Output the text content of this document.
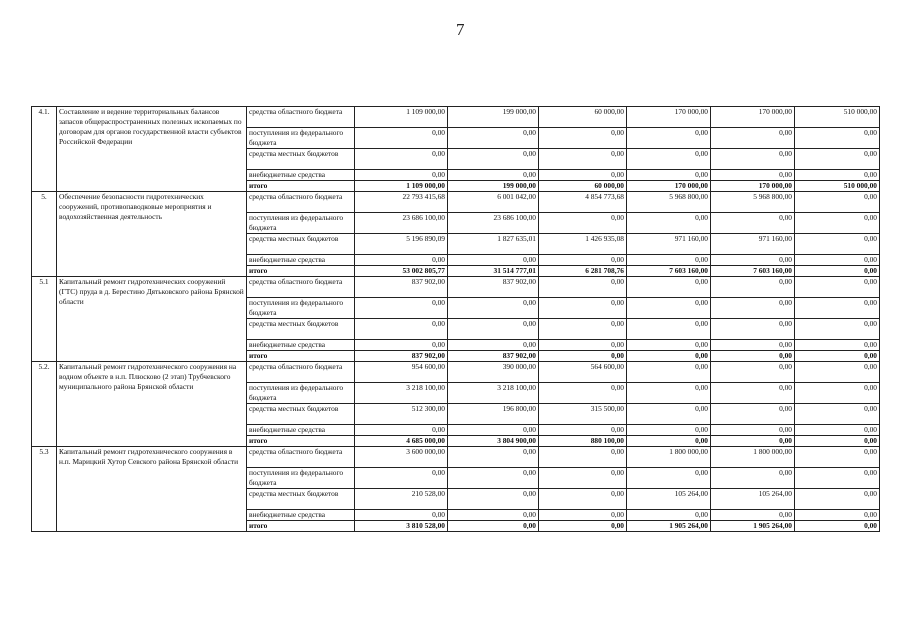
7
4.1.	Составление и ведение территориальных балансов запасов общераспространенных полезных ископаемых по договорам для органов государственной власти субъектов Российской Федерации	средства областного бюджета	1 109 000,00	199 000,00	60 000,00	170 000,00	170 000,00	510 000,00
		поступления из федерального бюджета	0,00	0,00	0,00	0,00	0,00	0,00
		средства местных бюджетов	0,00	0,00	0,00	0,00	0,00	0,00
		внебюджетные средства	0,00	0,00	0,00	0,00	0,00	0,00
		итого	1 109 000,00	199 000,00	60 000,00	170 000,00	170 000,00	510 000,00
5.	Обеспечение безопасности гидротехнических сооружений, противопаводковые мероприятия и водохозяйственная деятельность	средства областного бюджета	22 793 415,68	6 001 042,00	4 854 773,68	5 968 800,00	5 968 800,00	0,00
		поступления из федерального бюджета	23 686 100,00	23 686 100,00	0,00	0,00	0,00	0,00
		средства местных бюджетов	5 196 890,09	1 827 635,01	1 426 935,08	971 160,00	971 160,00	0,00
		внебюджетные средства	0,00	0,00	0,00	0,00	0,00	0,00
		итого	53 002 805,77	31 514 777,01	6 281 708,76	7 603 160,00	7 603 160,00	0,00
5.1	Капитальный ремонт гидротехнических сооружений (ГТС) пруда в д. Берестино Дятьковского района Брянской области	средства областного бюджета	837 902,00	837 902,00	0,00	0,00	0,00	0,00
		поступления из федерального бюджета	0,00	0,00	0,00	0,00	0,00	0,00
		средства местных бюджетов	0,00	0,00	0,00	0,00	0,00	0,00
		внебюджетные средства	0,00	0,00	0,00	0,00	0,00	0,00
		итого	837 902,00	837 902,00	0,00	0,00	0,00	0,00
5.2.	Капитальный ремонт гидротехнического сооружения на водном объекте в н.п. Плюсково (2 этап) Трубчевского муниципального района Брянской области	средства областного бюджета	954 600,00	390 000,00	564 600,00	0,00	0,00	0,00
		поступления из федерального бюджета	3 218 100,00	3 218 100,00	0,00	0,00	0,00	0,00
		средства местных бюджетов	512 300,00	196 800,00	315 500,00	0,00	0,00	0,00
		внебюджетные средства	0,00	0,00	0,00	0,00	0,00	0,00
		итого	4 685 000,00	3 804 900,00	880 100,00	0,00	0,00	0,00
5.3	Капитальный ремонт гидротехнического сооружения в н.п. Марицкий Хутор Севского района Брянской области	средства областного бюджета	3 600 000,00	0,00	0,00	1 800 000,00	1 800 000,00	0,00
		поступления из федерального бюджета	0,00	0,00	0,00	0,00	0,00	0,00
		средства местных бюджетов	210 528,00	0,00	0,00	105 264,00	105 264,00	0,00
		внебюджетные средства	0,00	0,00	0,00	0,00	0,00	0,00
		итого	3 810 528,00	0,00	0,00	1 905 264,00	1 905 264,00	0,00
